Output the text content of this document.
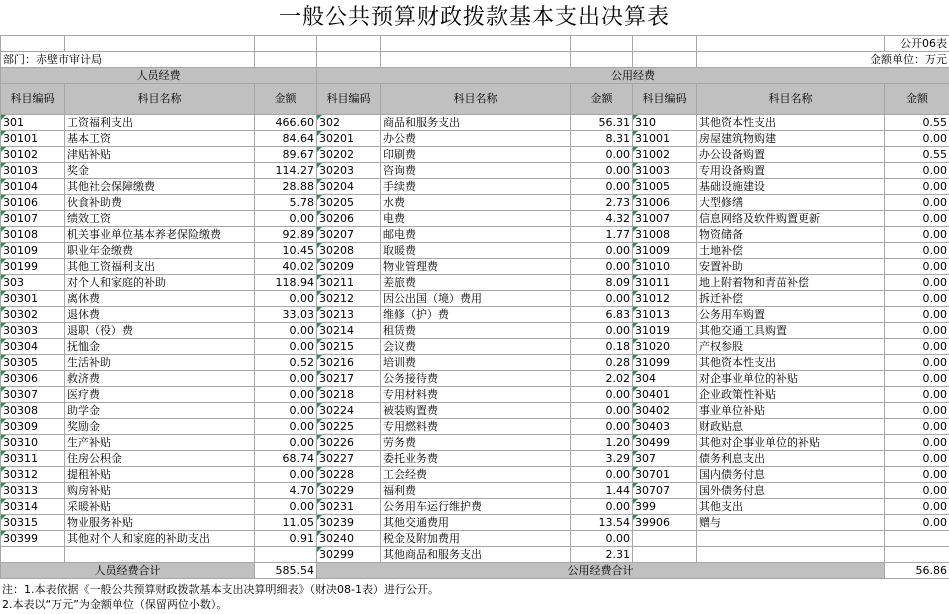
一般公共预算财政拨款基本支出决算表
								公开06表
部门：赤壁市审计局							金额单位：万元	
人员经费			公用经费					
科目编码	科目名称	金额	科目编码	科目名称	金额	科目编码	科目名称	金额
301	工资福利支出	466.60	302	商品和服务支出	56.31	310	其他资本性支出	0.55
30101	基本工资	84.64	30201	办公费	8.31	31001	房屋建筑物购建	0.00
30102	津贴补贴	89.67	30202	印刷费	0.00	31002	办公设备购置	0.55
30103	奖金	114.27	30203	咨询费	0.00	31003	专用设备购置	0.00
30104	其他社会保障缴费	28.88	30204	手续费	0.00	31005	基础设施建设	0.00
30106	伙食补助费	5.78	30205	水费	2.73	31006	大型修缮	0.00
30107	绩效工资	0.00	30206	电费	4.32	31007	信息网络及软件购置更新	0.00
30108	机关事业单位基本养老保险缴费	92.89	30207	邮电费	1.77	31008	物资储备	0.00
30109	职业年金缴费	10.45	30208	取暖费	0.00	31009	土地补偿	0.00
30199	其他工资福利支出	40.02	30209	物业管理费	0.00	31010	安置补助	0.00
303	对个人和家庭的补助	118.94	30211	差旅费	8.09	31011	地上附着物和青苗补偿	0.00
30301	离休费	0.00	30212	因公出国（境）费用	0.00	31012	拆迁补偿	0.00
30302	退休费	33.03	30213	维修（护）费	6.83	31013	公务用车购置	0.00
30303	退职（役）费	0.00	30214	租赁费	0.00	31019	其他交通工具购置	0.00
30304	抚恤金	0.00	30215	会议费	0.18	31020	产权参股	0.00
30305	生活补助	0.52	30216	培训费	0.28	31099	其他资本性支出	0.00
30306	救济费	0.00	30217	公务接待费	2.02	304	对企事业单位的补贴	0.00
30307	医疗费	0.00	30218	专用材料费	0.00	30401	企业政策性补贴	0.00
30308	助学金	0.00	30224	被装购置费	0.00	30402	事业单位补贴	0.00
30309	奖励金	0.00	30225	专用燃料费	0.00	30403	财政贴息	0.00
30310	生产补贴	0.00	30226	劳务费	1.20	30499	其他对企事业单位的补贴	0.00
30311	住房公积金	68.74	30227	委托业务费	3.29	307	债务利息支出	0.00
30312	提租补贴	0.00	30228	工会经费	0.00	30701	国内债务付息	0.00
30313	购房补贴	4.70	30229	福利费	1.44	30707	国外债务付息	0.00
30314	采暖补贴	0.00	30231	公务用车运行维护费	0.00	399	其他支出	0.00
30315	物业服务补贴	11.05	30239	其他交通费用	13.54	39906	赠与	0.00
30399	其他对个人和家庭的补助支出	0.91	30240	税金及附加费用	0.00			
			30299	其他商品和服务支出	2.31			
人员经费合计		585.54	公用经费合计					56.86
注：1.本表依据《一般公共预算财政拨款基本支出决算明细表》（财决08-1表）进行公开。
2.本表以“万元”为金额单位（保留两位小数）。
